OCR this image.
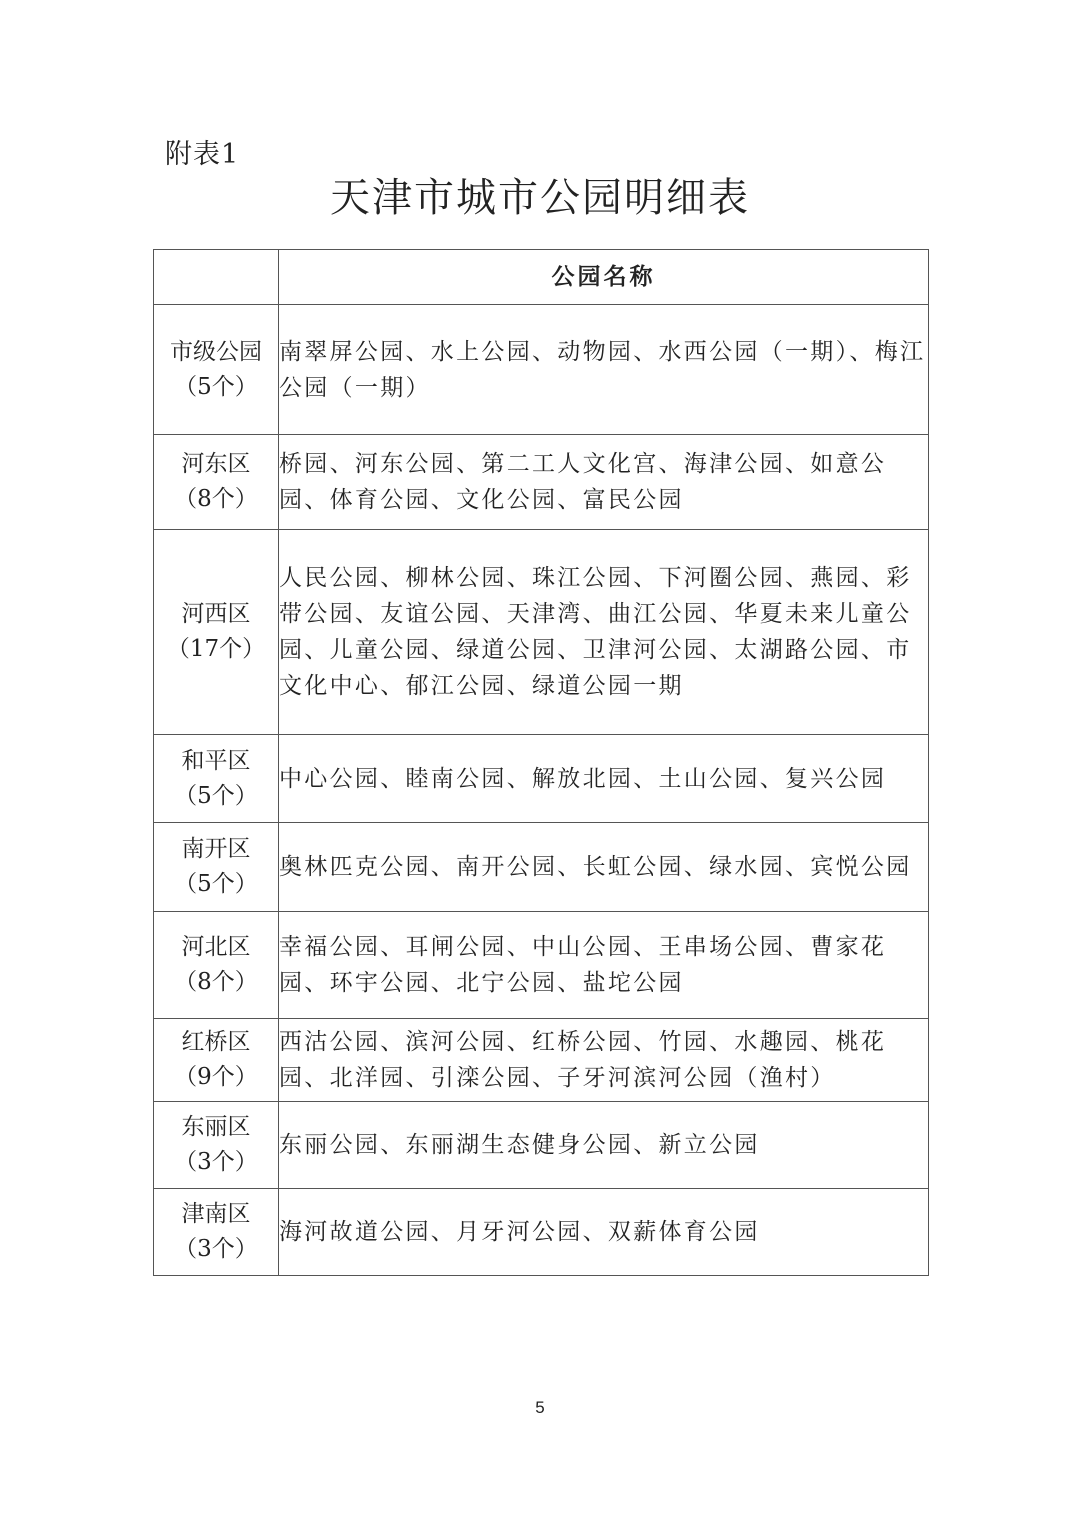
附表1
天津市城市公园明细表
	公园名称

市级公园
（5个）	南翠屏公园、水上公园、动物园、水西公园（一期）、梅江公园（一期）

河东区
（8个）	桥园、河东公园、第二工人文化宫、海津公园、如意公园、体育公园、文化公园、富民公园

河西区
（17个）	人民公园、柳林公园、珠江公园、下河圈公园、燕园、彩带公园、友谊公园、天津湾、曲江公园、华夏未来儿童公园、儿童公园、绿道公园、卫津河公园、太湖路公园、市文化中心、郁江公园、绿道公园一期

和平区
（5个）	中心公园、睦南公园、解放北园、土山公园、复兴公园

南开区
（5个）	奥林匹克公园、南开公园、长虹公园、绿水园、宾悦公园

河北区
（8个）	幸福公园、耳闸公园、中山公园、王串场公园、曹家花园、环宇公园、北宁公园、盐坨公园

红桥区
（9个）	西沽公园、滨河公园、红桥公园、竹园、水趣园、桃花园、北洋园、引滦公园、子牙河滨河公园（渔村）

东丽区
（3个）	东丽公园、东丽湖生态健身公园、新立公园

津南区
（3个）	海河故道公园、月牙河公园、双薪体育公园
5
